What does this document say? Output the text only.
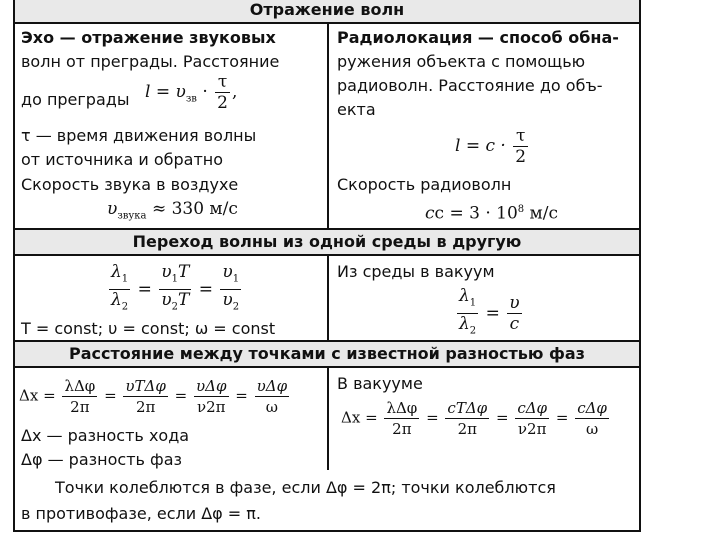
Отражение волн
Эхо — отражение звуковых
волн от преграды. Расстояние
до преграды $l = \upsilon_{зв} \cdot \frac{\tau}{2}$ ,
τ — время движения волны
от источника и обратно
Скорость звука в воздухе
$\upsilon_{звука} \approx 330$ м/с
Радиолокация — способ обна-
ружения объекта с помощью
радиоволн. Расстояние до объ-
екта
$l = c \cdot \frac{\tau}{2}$
Скорость радиоволн
cc = $3 \cdot 10^8$ м/с
Переход волны из одной среды в другую
$\frac{\lambda_1}{\lambda_2} = \frac{\upsilon_1T}{\upsilon_2T} = \frac{\upsilon_1}{\upsilon_2}$
T = const; υ = const; ω = const
Из среды в вакуум
$\frac{\lambda_1}{\lambda_2} = \frac{\upsilon}{c}$
Расстояние между точками с известной разностью фаз
$\Delta x = \frac{\text{λΔφ}}{2\pi} = \frac{\text{υTΔφ}}{2\pi} = \frac{\text{υΔφ}}{\nu 2\pi} = \frac{\text{υΔφ}}{\omega}$
Δx — разность хода
Δφ — разность фаз
В вакууме
$\Delta x = \frac{\text{λΔφ}}{2\pi} = \frac{\text{cTΔφ}}{2\pi} = \frac{\text{cΔφ}}{\nu 2\pi} = \frac{\text{cΔφ}}{\omega}$
Точки колеблются в фазе, если Δφ = 2π; точки колеблются
в противофазе, если Δφ = π.
